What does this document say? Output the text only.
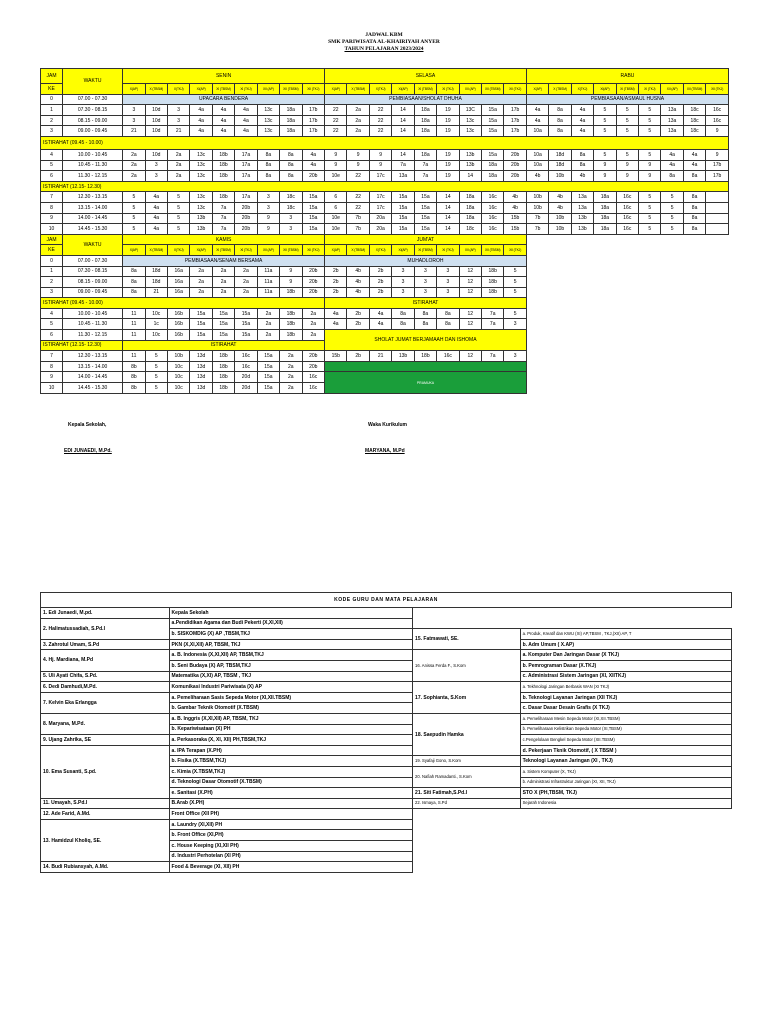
JADWAL KBM
SMK PARIWISATA AL-KHAIRIYAH ANYER
TAHUN PELAJARAN 2023/2024
JAM	WAKTU	SENIN									SELASA									RABU								
KE		X(AP)	X (TBSM)	X(TKJ)	XI(AP)	XI (TBSM)	XI (TKJ)	XII (AP)	XII (TBSM)	XII (TKJ)	X(AP)	X (TBSM)	X(TKJ)	XI(AP)	XI (TBSM)	XI (TKJ)	XII (AP)	XII (TBSM)	XII (TKJ)	X(AP)	X (TBSM)	X(TKJ)	XI(AP)	XI (TBSM)	XI (TKJ)	XII (AP)	XII (TBSM)	XII (TKJ)
0	07.00 - 07.30	UPACARA BENDERA									PEMBIASAAN/SHOLAT DHUHA									PEMBIASAAN/ASMAUL HUSNA								
1	07.30 - 08.15	3	10d	3	4a	4a	4a	13c	18a	17b	22	2a	22	14	18a	19	13C	15a	17b	4a	8a	4a	5	5	5	13a	18c	16c
2	08.15 - 09.00	3	10d	3	4a	4a	4a	13c	18a	17b	22	2a	22	14	18a	19	13c	15a	17b	4a	8a	4a	5	5	5	13a	18c	16c
3	09.00 - 09.45	21	10d	21	4a	4a	4a	13c	18a	17b	22	2a	22	14	18a	19	13c	15a	17b	10a	8a	4a	5	5	5	13a	18c	9
ISTIRAHAT (09.45 - 10.00)																												
4	10.00 - 10.45	2a	10d	2a	13c	18b	17a	8a	8a	4a	9	9	9	14	18a	19	13b	15a	20b	10a	18d	8a	5	5	5	4a	4a	9
5	10.45 - 11.30	2a	3	2a	13c	18b	17a	8a	8a	4a	9	9	9	7a	7a	19	13b	18a	20b	10a	18d	8a	9	9	9	4a	4a	17b
6	11.30 - 12.15	2a	3	2a	13c	18b	17a	8a	8a	20b	10e	22	17c	13a	7a	19	14	18a	20b	4b	10b	4b	9	9	9	8a	8a	17b
ISTIRAHAT (12.15- 12.30)																												
7	12.30 - 13.15	5	4a	5	13c	18b	17a	3	18c	15a	6	22	17c	15a	15a	14	18a	16c	4b	10b	4b	13a	18a	16c	5	5	8a	
8	13.15 - 14.00	5	4a	5	13c	7a	20b	3	18c	15a	6	22	17c	15a	15a	14	18a	16c	4b	10b	4b	13a	18a	16c	5	5	8a	
9	14.00 - 14.45	5	4a	5	13b	7a	20b	9	3	15a	10e	7b	20a	15a	15a	14	18a	16c	15b	7b	10b	13b	18a	16c	5	5	8a	
10	14.45 - 15.30	5	4a	5	13b	7a	20b	9	3	15a	10e	7b	20a	15a	15a	14	18c	16c	15b	7b	10b	13b	18a	16c	5	5	8a	
JAM	WAKTU	KAMIS									JUM'AT																	
KE		X(AP)	X (TBSM)	X(TKJ)	XI(AP)	XI (TBSM)	XI (TKJ)	XII (AP)	XII (TBSM)	XII (TKJ)	X(AP)	X (TBSM)	X(TKJ)	XI(AP)	XI (TBSM)	XI (TKJ)	XII (AP)	XII (TBSM)	XII (TKJ)									
0	07.00 - 07.30	PEMBIASAAN/SENAM BERSAMA									MUHADLOROH																	
1	07.30 - 08.15	8a	18d	16a	2a	2a	2a	11a	9	20b	2b	4b	2b	3	3	3	12	18b	5									
2	08.15 - 09.00	8a	18d	16a	2a	2a	2a	11a	9	20b	2b	4b	2b	3	3	3	12	18b	5									
3	09.00 - 09.45	8a	21	16a	2a	2a	2a	11a	18b	20b	2b	4b	2b	3	3	3	12	18b	5									
ISTIRAHAT (09.45 - 10.00)											ISTIRAHAT																	
4	10.00 - 10.45	11	10c	16b	15a	15a	15a	2a	18b	2a	4a	2b	4a	8a	8a	8a	12	7a	5									
5	10.45 - 11.30	11	1c	16b	15a	15a	15a	2a	18b	2a	4a	2b	4a	8a	8a	8a	12	7a	3									
6	11.30 - 12.15	11	10c	16b	15a	15a	15a	2a	18b	2a	SHOLAT JUMAT BERJAMAAH DAN ISHOMA																	
ISTIRAHAT (12.15- 12.30)		ISTIRAHAT																										
7	12.30 - 13.15	11	5	10b	13d	18b	16c	15a	2a	20b	15b	2b	21	13b	18b	16c	12	7a	3									
8	13.15 - 14.00	8b	5	10c	13d	18b	16c	15a	2a	20b																		
9	14.00 - 14.45	8b	5	10c	13d	18b	20d	15a	2a	16c	PRAMUKA																	
10	14.45 - 15.30	8b	5	10c	13d	18b	20d	15a	2a	16c																		
Kepala Sekolah,
EDI JUNAEDI, M.Pd.
Waka Kurikulum
MARYANA, M.Pd
KODE GURU DAN MATA PELAJARAN			
1. Edi Junaedi, M.pd.	Kepala Sekolah		
2. Halimatussadiah, S.Pd.I	a.Pendidikan Agama dan Budi Pekerti (X,XI,XII)		
	b. SISKOMDIG (X) AP ,TBSM,TKJ	15. Fatmawati, SE.	a. Produk, Kreatif dan KWU (XI) AP,TBSM , TKJ,(XII) AP, T
3. Zahrotul Umam, S.Pd	PKN (X,XI,XII) AP, TBSM, TKJ		b. Adm Umum ( X.AP)
4. Hj. Mardiana, M.Pd	a. B. Indonesia (X,XI,XII) AP, TBSM,TKJ	16. Anissa Ferda F., S.Kom	a. Komputer Dan Jaringan Dasar (X TKJ)
	b. Seni Budaya (X) AP, TBSM,TKJ		b. Pemrograman Dasar (X.TKJ)
5. Uli Ayati Chifa, S.Pd.	Matematika (X,XI) AP, TBSM , TKJ		c. Administrasi Sistem Jaringan (XI, XIITKJ)
6. Dedi Damhudi,M.Pd.	Komunikasi Industri Pariwisata (X) AP	17. Sophianta, S.Kom	a. Tekhnologi Jaringan Berbasis WAN (XI TKJ)
7. Kelvin Eka Erlangga	a. Pemeliharaan Sasis Sepeda Motor (XI,XII.TBSM)		b. Teknologi Layanan Jaringan (XII TKJ)
	b. Gambar Teknik Otomotif (X.TBSM)		c. Dasar Dasar Desain Grafis (X TKJ)
8. Maryana, M.Pd.	a. B. Inggris (X,XI,XII) AP, TBSM, TKJ	18. Saepudin Hamka	a. Pemeliharaan Mesin Sepeda Motor (XI,XII.TBSM)
	b. Kepariwisataan (X) PH		b. Pemeliharaan Kelistrikan Sepeda Motor (XI,TBSM)
9. Ujang Zahrika, SE	a. Perkasoraka (X, XI, XII) PH,TBSM,TKJ		c.Pengelolaan Bengkel Sepeda Motor (XII.TBSM)
10. Ema Susanti, S.pd.	a. IPA Terapan (X.PH)		d. Pekerjaan Tknik Otomotif, ( X TBSM )
	b. Fisika (X.TBSM,TKJ)	19. Syafaji Gono, S.Kom	Teknologi Layanan Jaringan (XI , TKJ)
	c. Kimia (X.TBSM,TKJ)	20. Nafiah Ramadanti., S.Kom	a. Sistem Komputer (X, TKJ)
	d. Teknologi Dasar Otomotif (X.TBSM)		b. Administrasi Infrastruktur Jaringan (XI, XII, TKJ)
	e. Sanitasi (X.PH)	21. Siti Fatimah,S.Pd.I	STO X (PH,TBSM, TKJ)
11. Umayah, S.Pd.I	B.Arab (X.PH)	22. Ismaya, S.Pd	Sejarah Indonesia
12. Ade Farid, A.Md.	Front Office (XII PH)		
13. Hamidzul Kholiq, SE.	a. Laundry (XI,XII) PH		
	b. Front Office (XI,PH)		
	c. House Keeping (XI,XII PH)		
	d. Industri Perhotelan (XI PH)		
14. Budi Rubiansyah, A.Md.	Food & Beverage (XI, XII) PH		
